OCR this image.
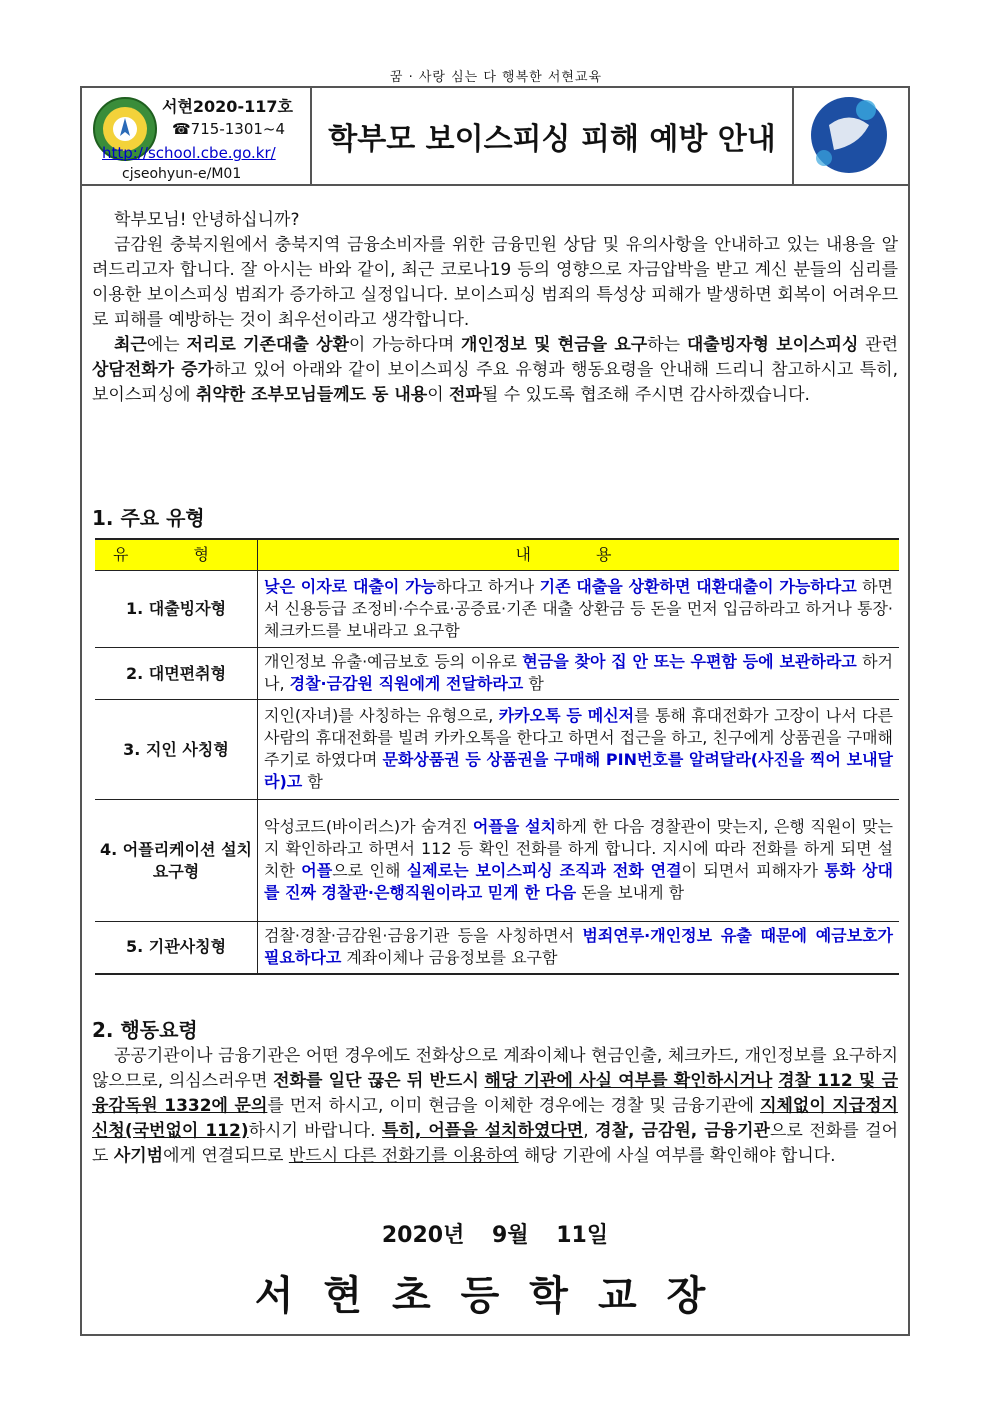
꿈 · 사랑 심는 다 행복한 서현교육
서현2020-117호
☎715-1301~4
http://school.cbe.go.kr/
cjseohyun-e/M01
학부모 보이스피싱 피해 예방 안내

학부모님! 안녕하십니까?

금감원 충북지원에서 충북지역 금융소비자를 위한 금융민원 상담 및 유의사항을 안내하고 있는 내용을 알려드리고자 합니다. 잘 아시는 바와 같이, 최근 코로나19 등의 영향으로 자금압박을 받고 계신 분들의 심리를 이용한 보이스피싱 범죄가 증가하고 실정입니다. 보이스피싱 범죄의 특성상 피해가 발생하면 회복이 어려우므로 피해를 예방하는 것이 최우선이라고 생각합니다.

최근에는 저리로 기존대출 상환이 가능하다며 개인정보 및 현금을 요구하는 대출빙자형 보이스피싱 관련 상담전화가 증가하고 있어 아래와 같이 보이스피싱 주요 유형과 행동요령을 안내해 드리니 참고하시고 특히, 보이스피싱에 취약한 조부모님들께도 동 내용이 전파될 수 있도록 협조해 주시면 감사하겠습니다.

1. 주요 유형
유 형	내 용
1. 대출빙자형	낮은 이자로 대출이 가능하다고 하거나 기존 대출을 상환하면 대환대출이 가능하다고 하면서 신용등급 조정비·수수료·공증료·기존 대출 상환금 등 돈을 먼저 입금하라고 하거나 통장·체크카드를 보내라고 요구함
2. 대면편취형	개인정보 유출·예금보호 등의 이유로 현금을 찾아 집 안 또는 우편함 등에 보관하라고 하거나, 경찰·금감원 직원에게 전달하라고 함
3. 지인 사칭형	지인(자녀)를 사칭하는 유형으로, 카카오톡 등 메신저를 통해 휴대전화가 고장이 나서 다른 사람의 휴대전화를 빌려 카카오톡을 한다고 하면서 접근을 하고, 친구에게 상품권을 구매해 주기로 하였다며 문화상품권 등 상품권을 구매해 PIN번호를 알려달라(사진을 찍어 보내달라)고 함
4. 어플리케이션 설치 요구형	악성코드(바이러스)가 숨겨진 어플을 설치하게 한 다음 경찰관이 맞는지, 은행 직원이 맞는지 확인하라고 하면서 112 등 확인 전화를 하게 합니다. 지시에 따라 전화를 하게 되면 설치한 어플으로 인해 실제로는 보이스피싱 조직과 전화 연결이 되면서 피해자가 통화 상대를 진짜 경찰관·은행직원이라고 믿게 한 다음 돈을 보내게 함
5. 기관사칭형	검찰·경찰·금감원·금융기관 등을 사칭하면서 범죄연루·개인정보 유출 때문에 예금보호가 필요하다고 계좌이체나 금융정보를 요구함
2. 행동요령

공공기관이나 금융기관은 어떤 경우에도 전화상으로 계좌이체나 현금인출, 체크카드, 개인정보를 요구하지 않으므로, 의심스러우면 전화를 일단 끊은 뒤 반드시 해당 기관에 사실 여부를 확인하시거나 경찰 112 및 금융감독원 1332에 문의를 먼저 하시고, 이미 현금을 이체한 경우에는 경찰 및 금융기관에 지체없이 지급정지 신청(국번없이 112)하시기 바랍니다. 특히, 어플을 설치하였다면, 경찰, 금감원, 금융기관으로 전화를 걸어도 사기범에게 연결되므로 반드시 다른 전화기를 이용하여 해당 기관에 사실 여부를 확인해야 합니다.

2020년 9월 11일
서현초등학교장
